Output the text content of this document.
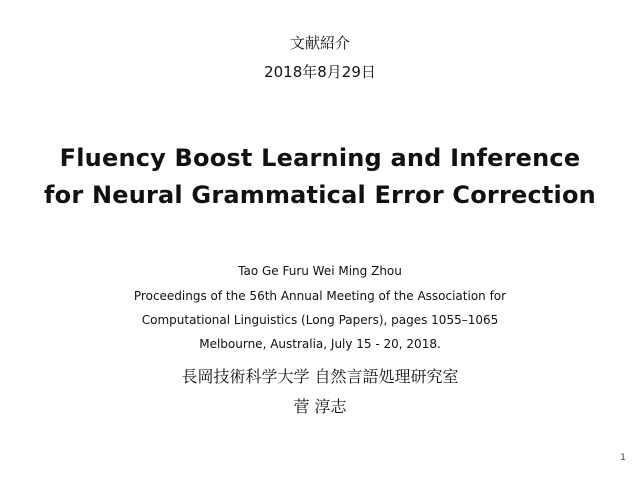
文献紹介
2018年8月29日
Fluency Boost Learning and Inference
for Neural Grammatical Error Correction
Tao Ge Furu Wei Ming Zhou
Proceedings of the 56th Annual Meeting of the Association for
Computational Linguistics (Long Papers), pages 1055–1065
Melbourne, Australia, July 15 - 20, 2018.
長岡技術科学大学 自然言語処理研究室
菅 淳志
1
